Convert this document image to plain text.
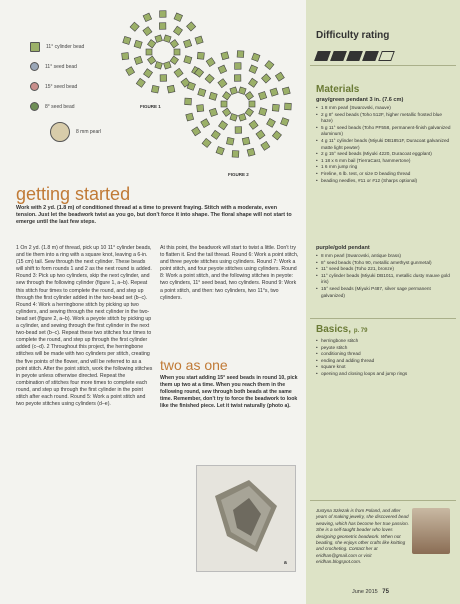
11° cylinder bead
11° seed bead
15° seed bead
8° seed bead
8 mm pearl
FIGURE 1
FIGURE 2
getting started
Work with 2 yd. (1.8 m) of conditioned thread at a time to prevent fraying. Stitch with a moderate, even tension. Just let the beadwork twist as you go, but don't force it into shape. The floral shape will not start to emerge until the last few steps.
1 On 2 yd. (1.8 m) of thread, pick up 10 11° cylinder beads, and tie them into a ring with a square knot, leaving a 6-in. (15 cm) tail. Sew through the next cylinder. These beads will shift to form rounds 1 and 2 as the next round is added. Round 3: Pick up two cylinders, skip the next cylinder, and sew through the following cylinder (figure 1, a–b). Repeat this stitch four times to complete the round, and step up through the first cylinder added in the two-bead set (b–c). Round 4: Work a herringbone stitch by picking up two cylinders, and sewing through the next cylinder in the two-bead set (figure 2, a–b). Work a peyote stitch by picking up a cylinder, and sewing through the first cylinder in the next two-bead set (b–c). Repeat these two stitches four times to complete the round, and step up through the first cylinder added (c–d). 2 Throughout this project, the herringbone stitches will be made with two cylinders per stitch, creating the five points of the flower, and will be referred to as a point stitch. After the point stitch, work the following stitches in peyote unless otherwise directed. Repeat the combination of stitches four more times to complete each round, and step up through the first cylinder in the point stitch after each round. Round 5: Work a point stitch and two peyote stitches using cylinders (d–e).
At this point, the beadwork will start to twist a little. Don't try to flatten it. End the tail thread. Round 6: Work a point stitch, and three peyote stitches using cylinders. Round 7: Work a point stitch, and four peyote stitches using cylinders. Round 8: Work a point stitch, and the following stitches in peyote: two cylinders, 11° seed bead, two cylinders. Round 9: Work a point stitch, and then: two cylinders, two 11°s, two cylinders.
two as one
When you start adding 15° seed beads in round 10, pick them up two at a time. When you reach them in the following round, sew through both beads at the same time. Remember, don't try to force the beadwork to look like the finished piece. Let it twist naturally (photo a).
a
Difficulty rating
Materials
gray/green pendant 3 in. (7.6 cm)
• 1 8 mm pearl (Swarovski, mauve)
• 2 g 8° seed beads (Toho 512F, higher metallic frosted blue haze)
• 5 g 11° seed beads (Toho PF558, permanent-finish galvanized aluminum)
• 4 g 11° cylinder beads (Miyuki DB1851F, Duracoat galvanized matte light pewter)
• 2 g 15° seed beads (Miyuki 4220, Duracoat eggplant)
• 1 18 x 6 mm bail (TierraCast, hammertone)
• 1 6 mm jump ring
• Fireline, 6 lb. test, or size D beading thread
• beading needles, #11 or #12 (Sharps optional)
purple/gold pendant
• 8 mm pearl (Swarovski, antique brass)
• 8° seed beads (Toho 90, metallic amethyst gunmetal)
• 11° seed beads (Toho 221, bronze)
• 11° cylinder beads (Miyuki DB1011, metallic dusty mauve gold iris)
• 15° seed beads (Miyuki P487, silver sage permanent galvanized)
Basics, p. 79
• herringbone stitch
• peyote stitch
• conditioning thread
• ending and adding thread
• square knot
• opening and closing loops and jump rings
Justyna Szlezak is from Poland, and after years of making jewelry, she discovered bead weaving, which has become her true passion. She is a self-taught beader who loves designing geometric beadwork. When not beading, she enjoys other crafts like knitting and crocheting. Contact her at eridhan@gmail.com or visit eridhan.blogspot.com.
June 2015 75
